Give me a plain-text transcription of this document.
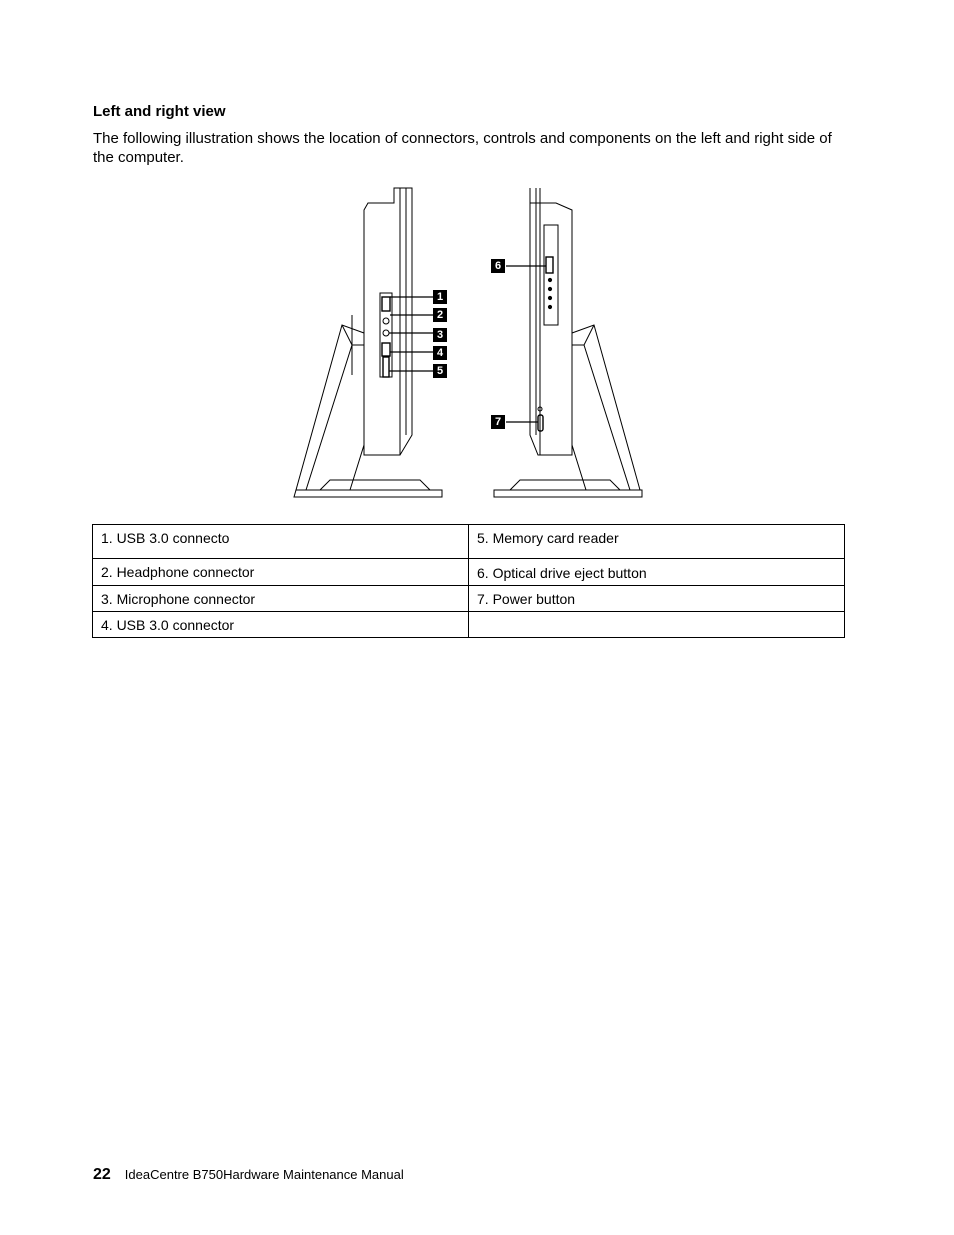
Left and right view
The following illustration shows the location of connectors, controls and components on the left and right side of the computer.
1
2
3
4
5
6
7
1. USB 3.0 connecto	5. Memory card reader
2. Headphone connector	6. Optical drive eject button
3. Microphone connector	7. Power button
4. USB 3.0 connector	
22 IdeaCentre B750Hardware Maintenance Manual
